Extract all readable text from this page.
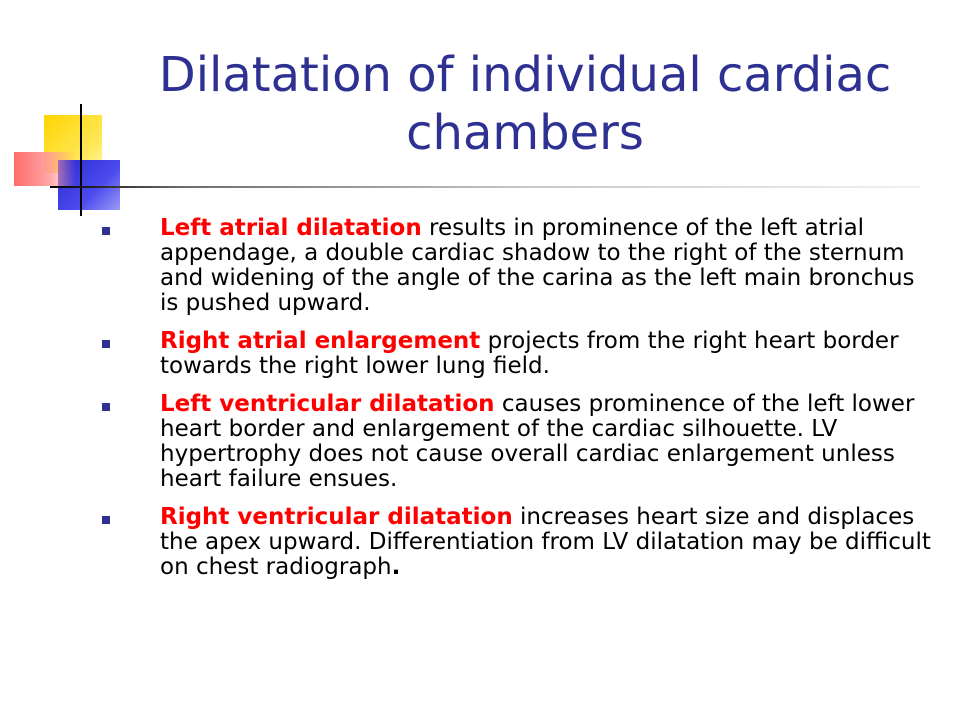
Dilatation of individual cardiac chambers
Left atrial dilatation results in prominence of the left atrial appendage, a double cardiac shadow to the right of the sternum and widening of the angle of the carina as the left main bronchus is pushed upward.
Right atrial enlargement projects from the right heart border towards the right lower lung field.
Left ventricular dilatation causes prominence of the left lower heart border and enlargement of the cardiac silhouette. LV hypertrophy does not cause overall cardiac enlargement unless heart failure ensues.
Right ventricular dilatation increases heart size and displaces the apex upward. Differentiation from LV dilatation may be difficult on chest radiograph.
